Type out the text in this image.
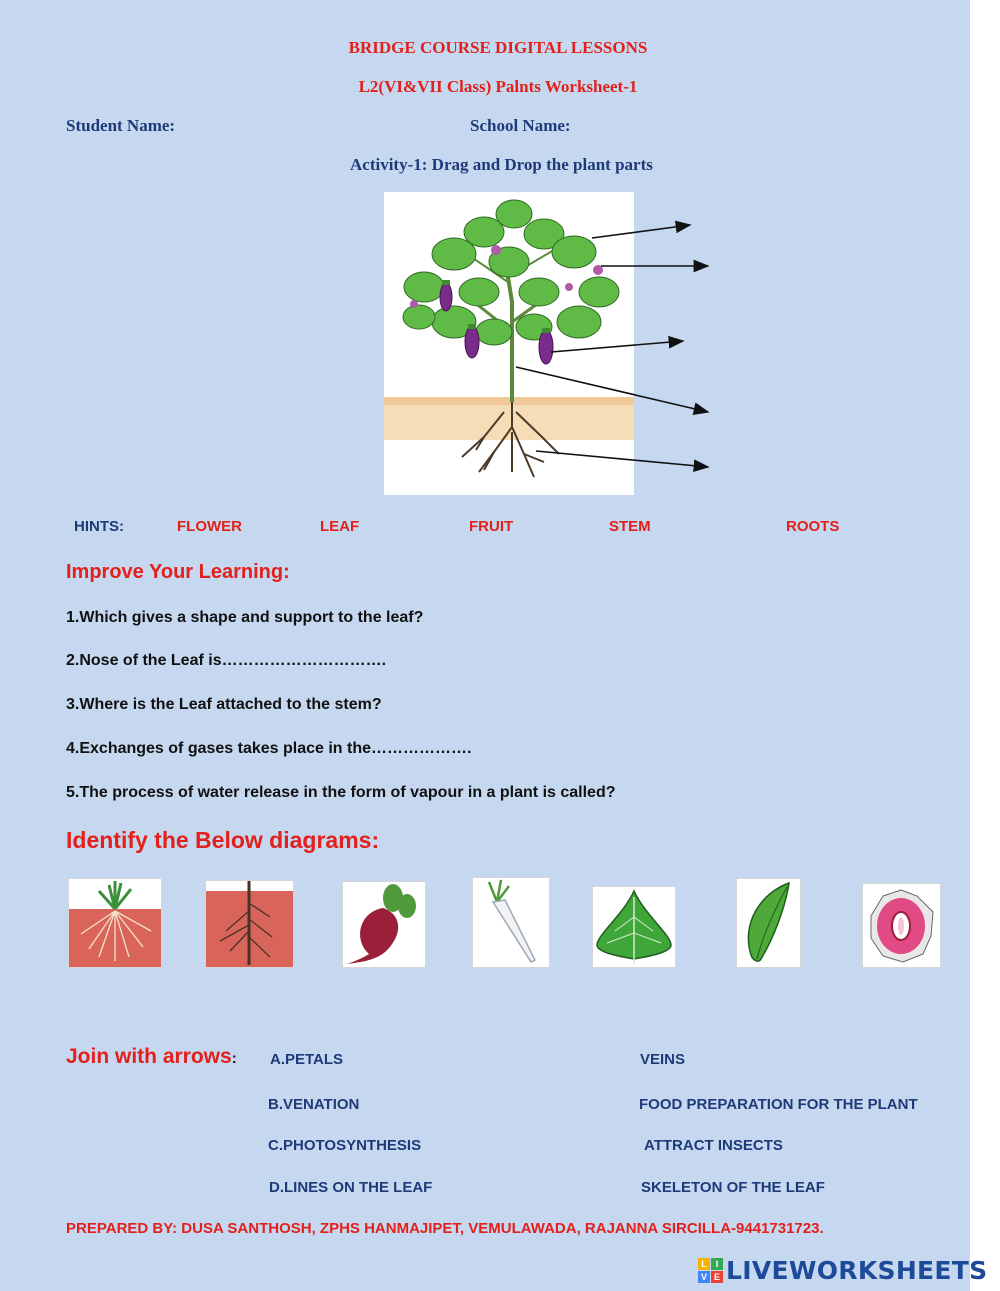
BRIDGE COURSE DIGITAL LESSONS
L2(VI&VII Class) Palnts Worksheet-1
Student Name:	School Name:
Activity-1: Drag and Drop the plant parts
HINTS:	FLOWER	LEAF	FRUIT	STEM	ROOTS
Improve Your Learning:
1.Which gives a shape and support to the leaf?
2.Nose of the Leaf is………………………….
3.Where is the Leaf attached to the stem?
4.Exchanges of gases takes place in the……………….
5.The process of water release in the form of vapour in a plant is called?
Identify the Below diagrams:
Join with arrows: A.PETALS
B.VENATION
C.PHOTOSYNTHESIS
D.LINES ON THE LEAF
VEINS
FOOD PREPARATION FOR THE PLANT
ATTRACT INSECTS
SKELETON OF THE LEAF
PREPARED BY: DUSA SANTHOSH, ZPHS HANMAJIPET, VEMULAWADA, RAJANNA SIRCILLA-9441731723.
L I
V E LIVEWORKSHEETS
